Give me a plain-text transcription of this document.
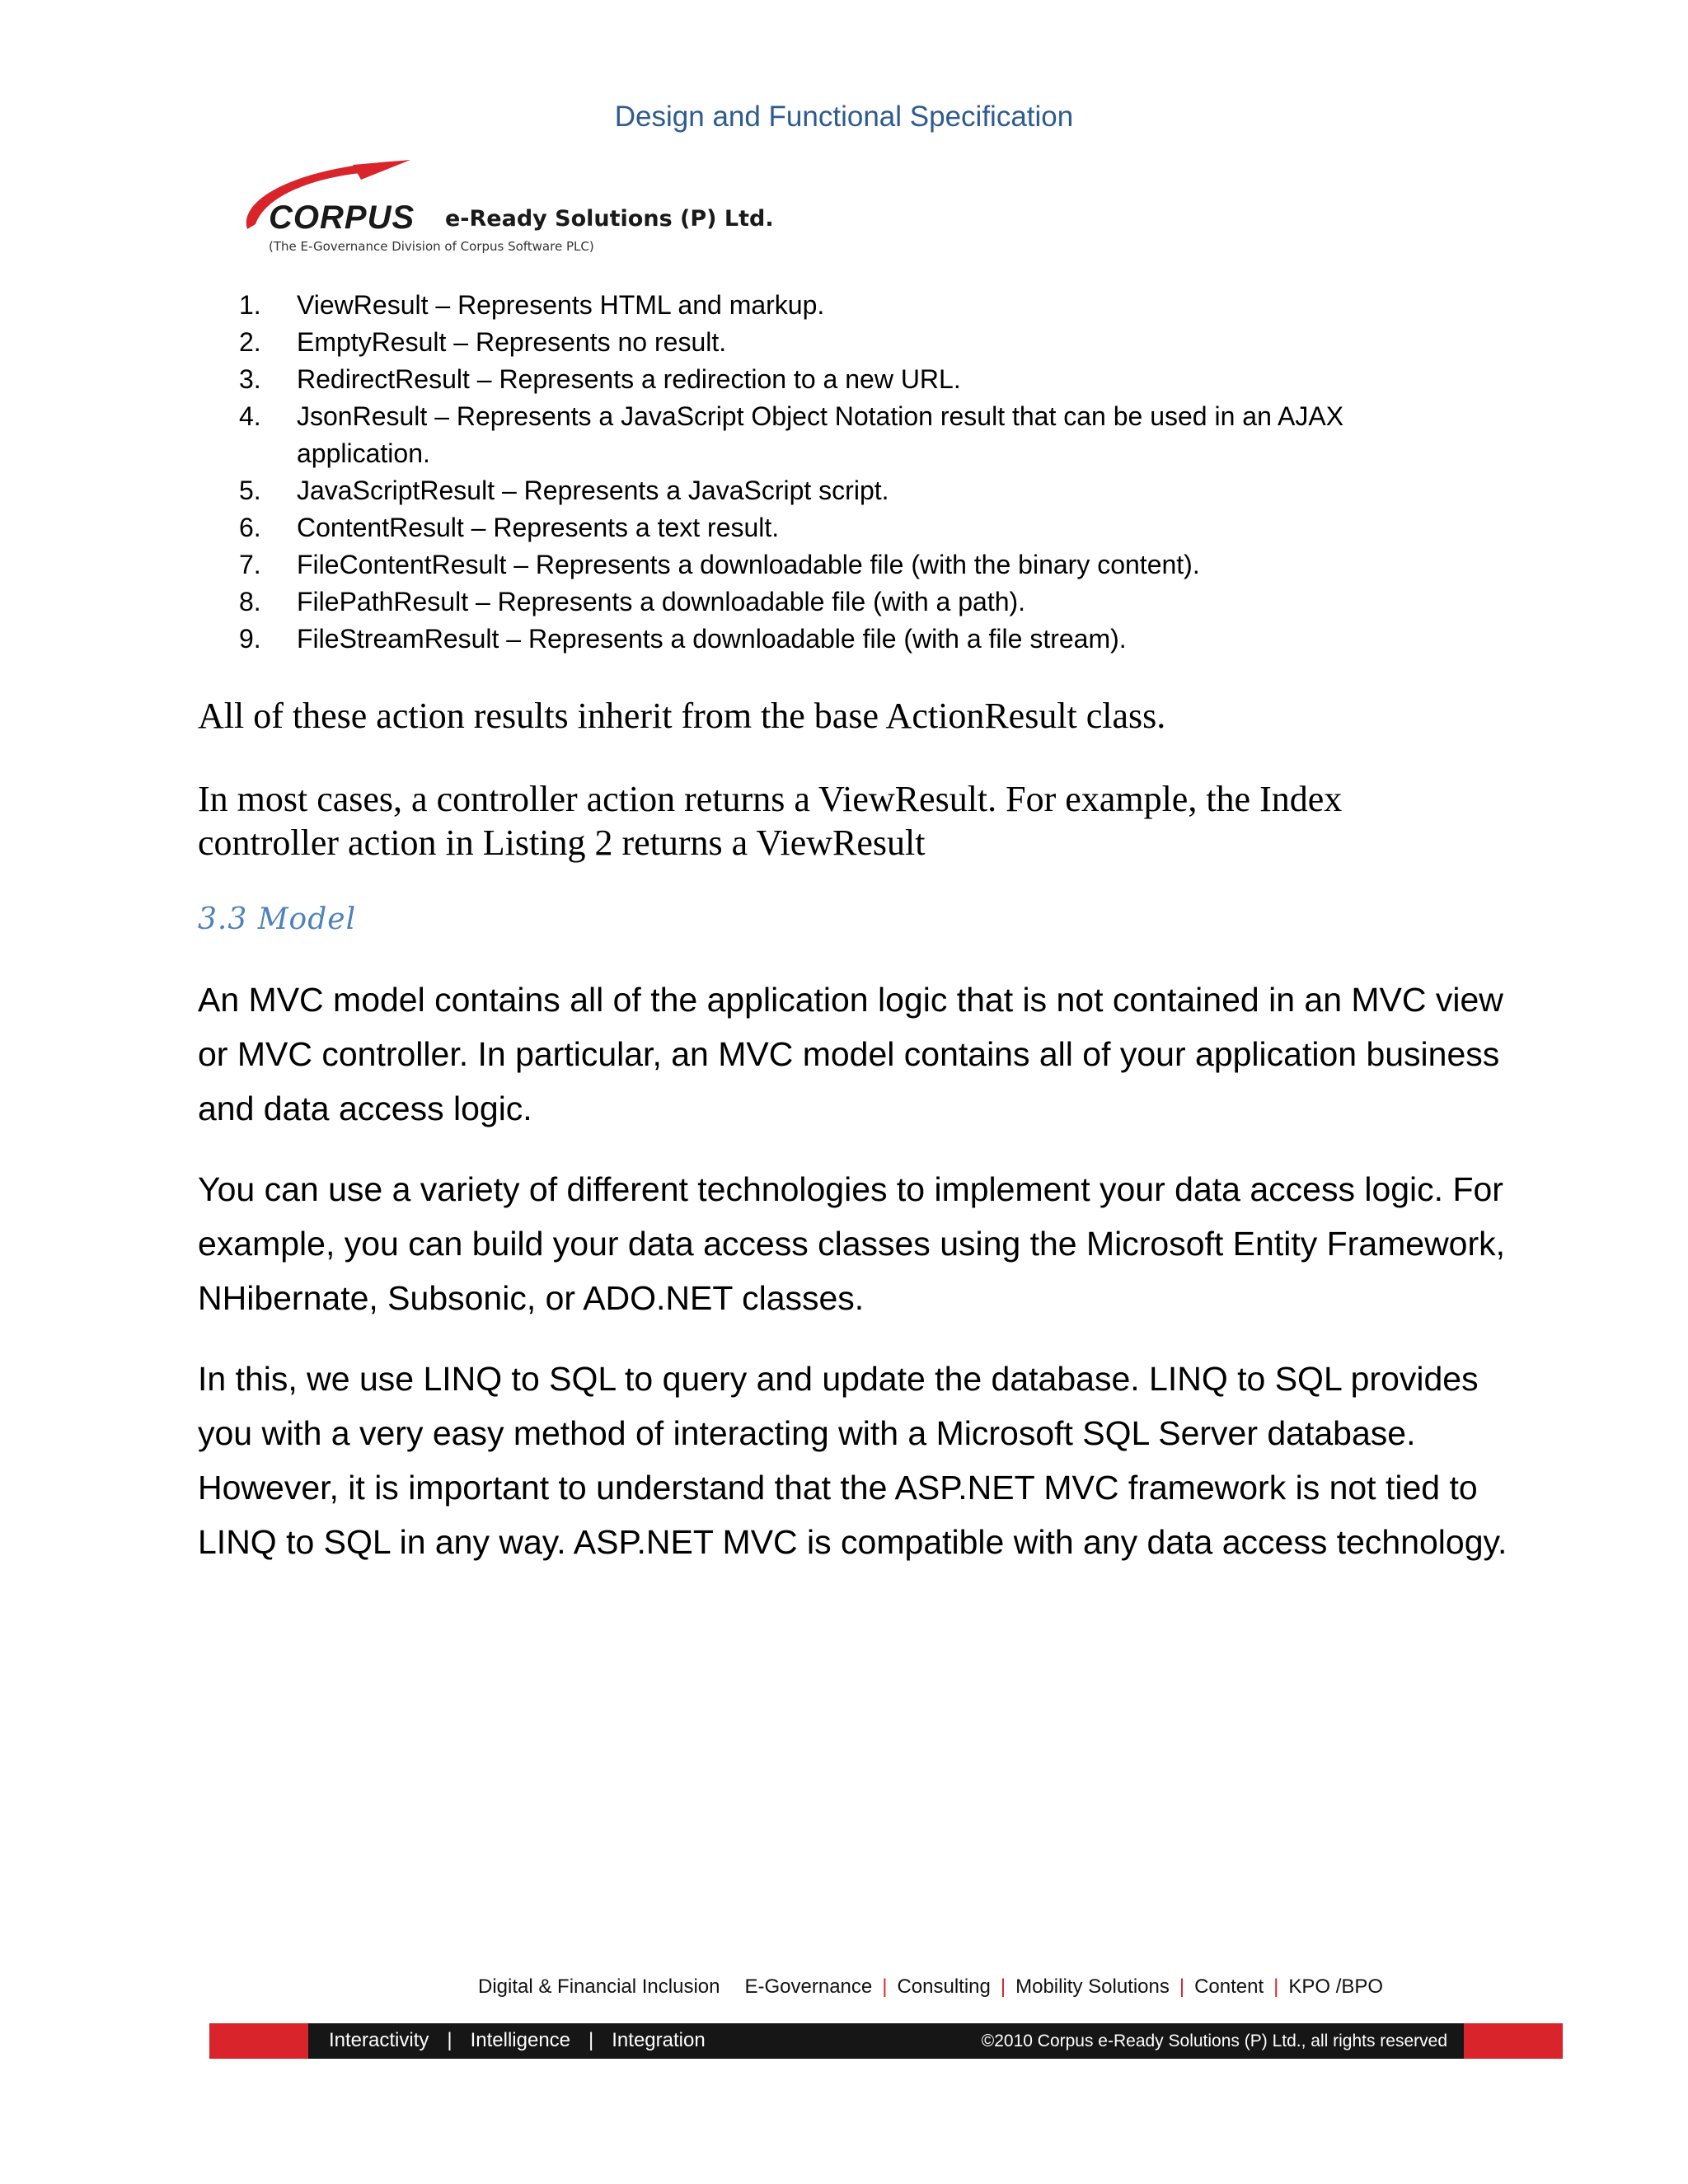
Design and Functional Specification
CORPUS e-Ready Solutions (P) Ltd.
(The E-Governance Division of Corpus Software PLC)
1. ViewResult – Represents HTML and markup.
2. EmptyResult – Represents no result.
3. RedirectResult – Represents a redirection to a new URL.
4. JsonResult – Represents a JavaScript Object Notation result that can be used in an AJAX application.
5. JavaScriptResult – Represents a JavaScript script.
6. ContentResult – Represents a text result.
7. FileContentResult – Represents a downloadable file (with the binary content).
8. FilePathResult – Represents a downloadable file (with a path).
9. FileStreamResult – Represents a downloadable file (with a file stream).

All of these action results inherit from the base ActionResult class.

In most cases, a controller action returns a ViewResult. For example, the Index controller action in Listing 2 returns a ViewResult

3.3 Model

An MVC model contains all of the application logic that is not contained in an MVC view or MVC controller. In particular, an MVC model contains all of your application business and data access logic.

You can use a variety of different technologies to implement your data access logic. For example, you can build your data access classes using the Microsoft Entity Framework, NHibernate, Subsonic, or ADO.NET classes.

In this, we use LINQ to SQL to query and update the database. LINQ to SQL provides you with a very easy method of interacting with a Microsoft SQL Server database. However, it is important to understand that the ASP.NET MVC framework is not tied to LINQ to SQL in any way. ASP.NET MVC is compatible with any data access technology.

Digital & Financial Inclusion E-Governance | Consulting | Mobility Solutions | Content | KPO /BPO
Interactivity | Intelligence | Integration	©2010 Corpus e-Ready Solutions (P) Ltd., all rights reserved
